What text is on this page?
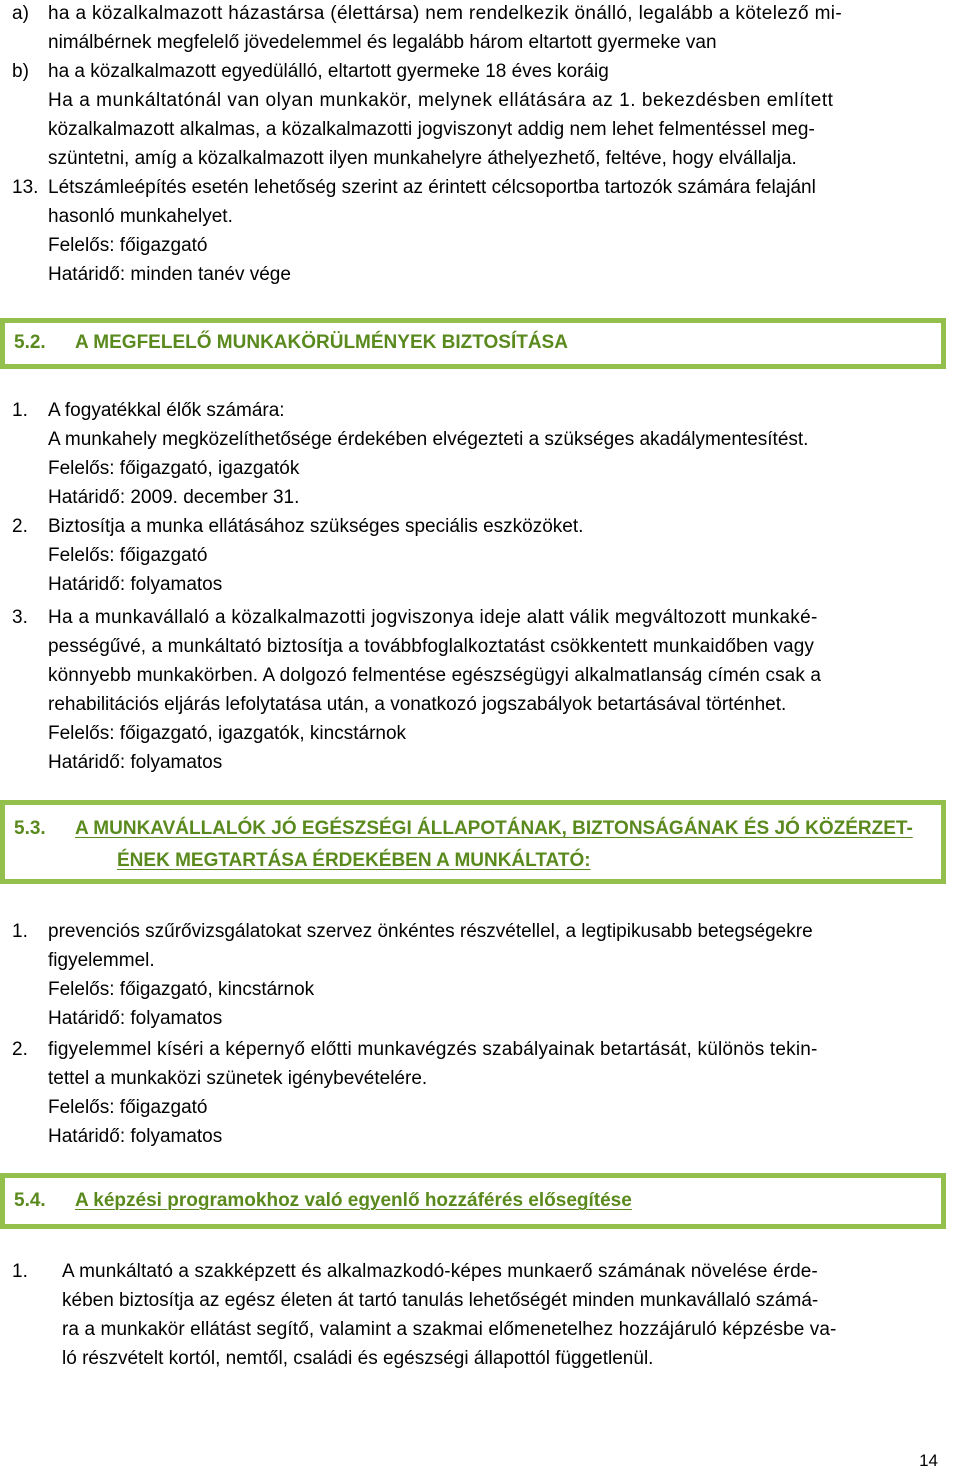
a) ha a közalkalmazott házastársa (élettársa) nem rendelkezik önálló, legalább a kötelező mi-
nimálbérnek megfelelő jövedelemmel és legalább három eltartott gyermeke van
b) ha a közalkalmazott egyedülálló, eltartott gyermeke 18 éves koráig
Ha a munkáltatónál van olyan munkakör, melynek ellátására az 1. bekezdésben említett
közalkalmazott alkalmas, a közalkalmazotti jogviszonyt addig nem lehet felmentéssel meg-
szüntetni, amíg a közalkalmazott ilyen munkahelyre áthelyezhető, feltéve, hogy elvállalja.
13. Létszámleépítés esetén lehetőség szerint az érintett célcsoportba tartozók számára felajánl
hasonló munkahelyet.
Felelős: főigazgató
Határidő: minden tanév vége
5.2. A MEGFELELŐ MUNKAKÖRÜLMÉNYEK BIZTOSÍTÁSA
1. A fogyatékkal élők számára:
A munkahely megközelíthetősége érdekében elvégezteti a szükséges akadálymentesítést.
Felelős: főigazgató, igazgatók
Határidő: 2009. december 31.
2. Biztosítja a munka ellátásához szükséges speciális eszközöket.
Felelős: főigazgató
Határidő: folyamatos
3. Ha a munkavállaló a közalkalmazotti jogviszonya ideje alatt válik megváltozott munkaké-
pességűvé, a munkáltató biztosítja a továbbfoglalkoztatást csökkentett munkaidőben vagy
könnyebb munkakörben. A dolgozó felmentése egészségügyi alkalmatlanság címén csak a
rehabilitációs eljárás lefolytatása után, a vonatkozó jogszabályok betartásával történhet.
Felelős: főigazgató, igazgatók, kincstárnok
Határidő: folyamatos
5.3. A MUNKAVÁLLALÓK JÓ EGÉSZSÉGI ÁLLAPOTÁNAK, BIZTONSÁGÁNAK ÉS JÓ KÖZÉRZET-
ÉNEK MEGTARTÁSA ÉRDEKÉBEN A MUNKÁLTATÓ:
1. prevenciós szűrővizsgálatokat szervez önkéntes részvétellel, a legtipikusabb betegségekre
figyelemmel.
Felelős: főigazgató, kincstárnok
Határidő: folyamatos
2. figyelemmel kíséri a képernyő előtti munkavégzés szabályainak betartását, különös tekin-
tettel a munkaközi szünetek igénybevételére.
Felelős: főigazgató
Határidő: folyamatos
5.4. A képzési programokhoz való egyenlő hozzáférés elősegítése
1. A munkáltató a szakképzett és alkalmazkodó-képes munkaerő számának növelése érde-
kében biztosítja az egész életen át tartó tanulás lehetőségét minden munkavállaló számá-
ra a munkakör ellátást segítő, valamint a szakmai előmenetelhez hozzájáruló képzésbe va-
ló részvételt kortól, nemtől, családi és egészségi állapottól függetlenül.
14
